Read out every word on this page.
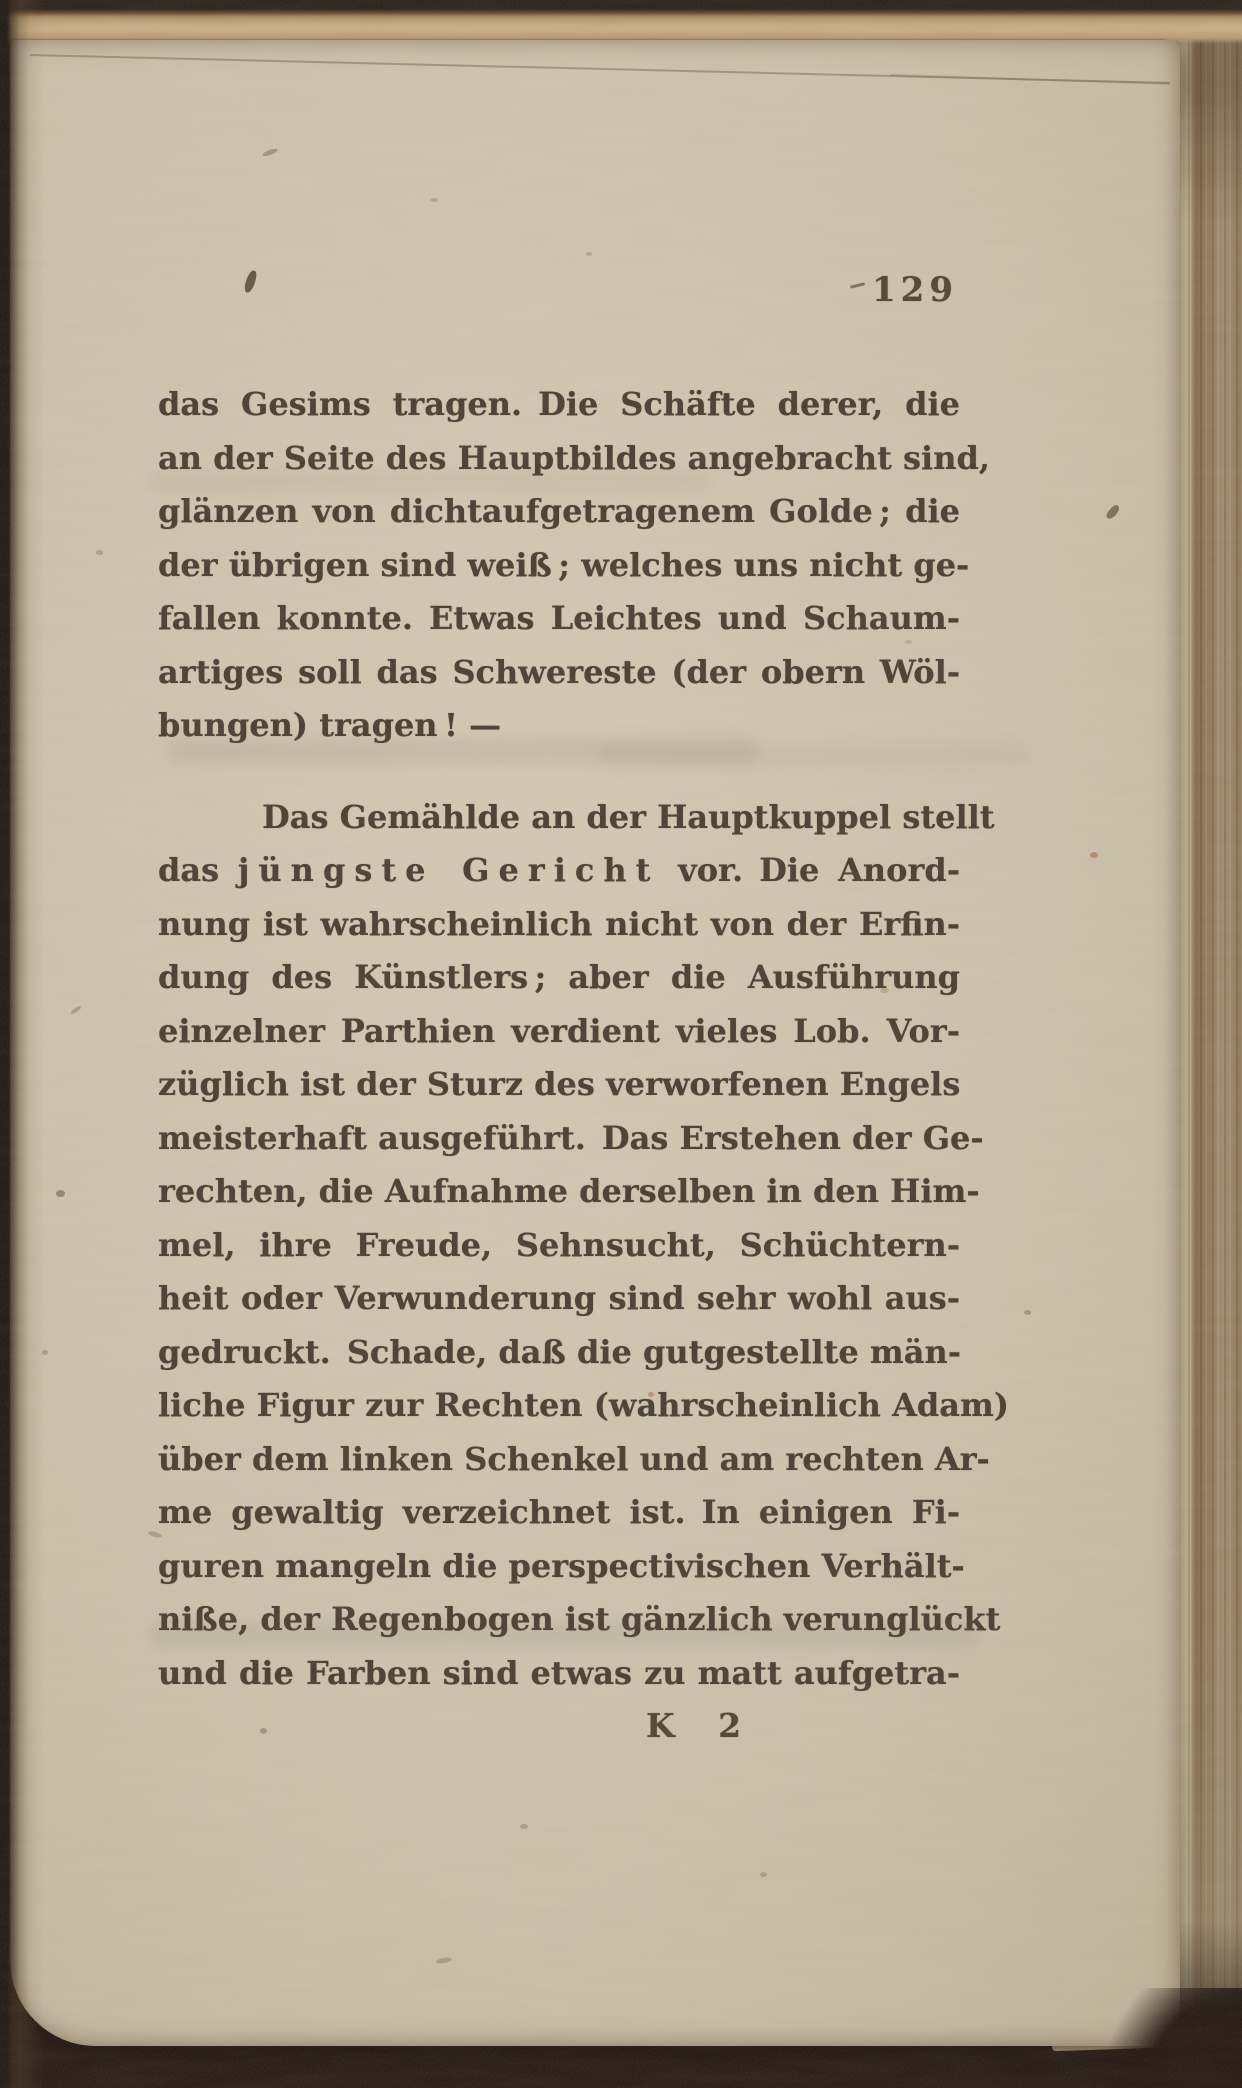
129
das Gesims tragen. Die Schäfte derer, die
an der Seite des Hauptbildes angebracht sind,
glänzen von dichtaufgetragenem Golde ; die
der übrigen sind weiß ; welches uns nicht ge-
fallen konnte. Etwas Leichtes und Schaum-
artiges soll das Schwereste (der obern Wöl-
bungen) tragen ! —
Das Gemählde an der Hauptkuppel stellt
das jüngste Gericht vor. Die Anord-
nung ist wahrscheinlich nicht von der Erfin-
dung des Künstlers ; aber die Ausführung
einzelner Parthien verdient vieles Lob. Vor-
züglich ist der Sturz des verworfenen Engels
meisterhaft ausgeführt. Das Erstehen der Ge-
rechten, die Aufnahme derselben in den Him-
mel, ihre Freude, Sehnsucht, Schüchtern-
heit oder Verwunderung sind sehr wohl aus-
gedruckt. Schade, daß die gutgestellte män-
liche Figur zur Rechten (wahrscheinlich Adam)
über dem linken Schenkel und am rechten Ar-
me gewaltig verzeichnet ist. In einigen Fi-
guren mangeln die perspectivischen Verhält-
niße, der Regenbogen ist gänzlich verunglückt
und die Farben sind etwas zu matt aufgetra-
K 2
